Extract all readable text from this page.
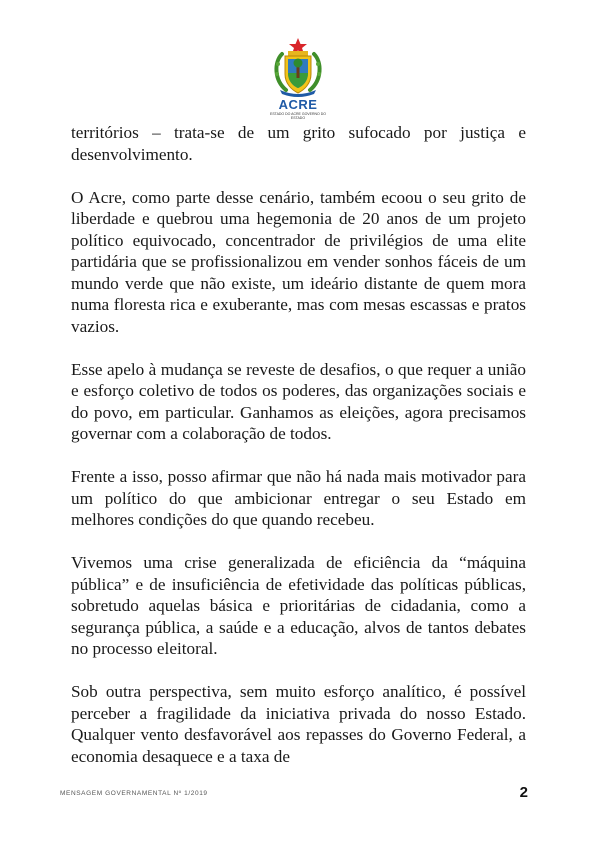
ACRE
ESTADO DO ACRE GOVERNO DO ESTADO

territórios – trata-se de um grito sufocado por justiça e desenvolvimento.

O Acre, como parte desse cenário, também ecoou o seu grito de liberdade e quebrou uma hegemonia de 20 anos de um projeto político equivocado, concentrador de privilégios de uma elite partidária que se profissionalizou em vender sonhos fáceis de um mundo verde que não existe, um ideário distante de quem mora numa floresta rica e exuberante, mas com mesas escassas e pratos vazios.

Esse apelo à mudança se reveste de desafios, o que requer a união e esforço coletivo de todos os poderes, das organizações sociais e do povo, em particular. Ganhamos as eleições, agora precisamos governar com a colaboração de todos.

Frente a isso, posso afirmar que não há nada mais motivador para um político do que ambicionar entregar o seu Estado em melhores condições do que quando recebeu.

Vivemos uma crise generalizada de eficiência da “máquina pública” e de insuficiência de efetividade das políticas públicas, sobretudo aquelas básica e prioritárias de cidadania, como a segurança pública, a saúde e a educação, alvos de tantos debates no processo eleitoral.

Sob outra perspectiva, sem muito esforço analítico, é possível perceber a fragilidade da iniciativa privada do nosso Estado. Qualquer vento desfavorável aos repasses do Governo Federal, a economia desaquece e a taxa de

MENSAGEM GOVERNAMENTAL Nº 1/2019	2
